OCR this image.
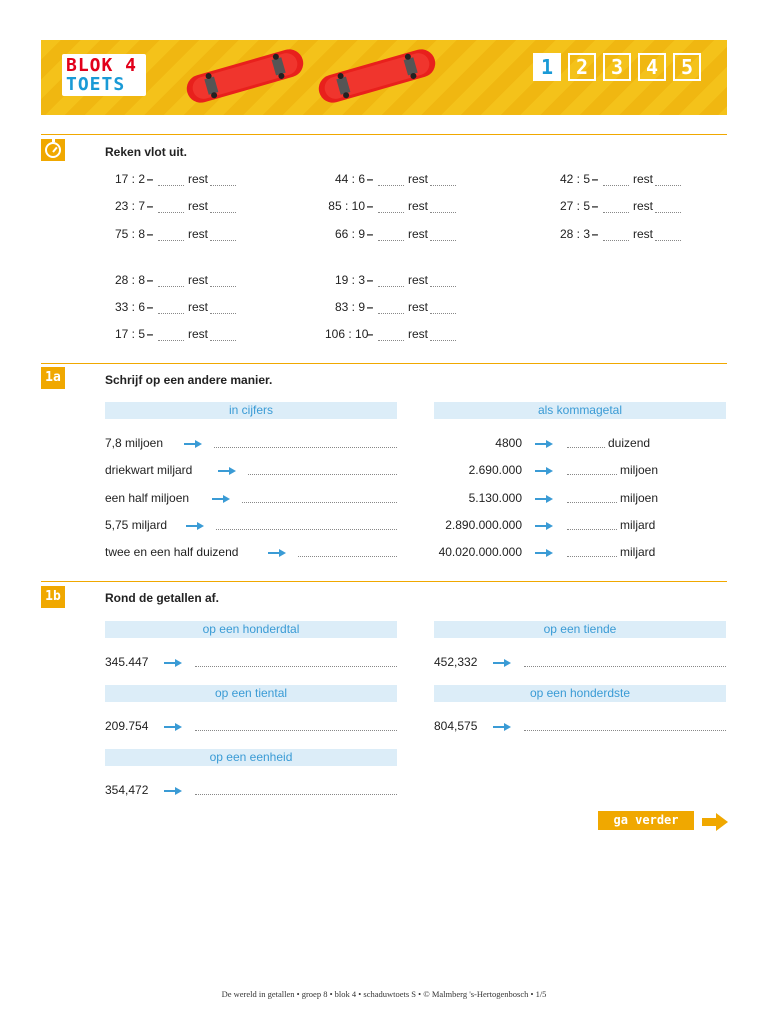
BLOK 4
TOETS
1	2	3	4	5
Reken vlot uit.
17 : 2 –	rest
23 : 7 –	rest
75 : 8 –	rest
44 : 6 –	rest
85 : 10 –	rest
66 : 9 –	rest
42 : 5 –	rest
27 : 5 –	rest
28 : 3 –	rest
28 : 8 –	rest
33 : 6 –	rest
17 : 5 –	rest
19 : 3 –	rest
83 : 9 –	rest
106 : 10–	rest
1a	Schrijf op een andere manier.
in cijfers	als kommagetal
7,8 miljoen	4800	duizend
driekwart miljard	2.690.000	miljoen
een half miljoen	5.130.000	miljoen
5,75 miljard	2.890.000.000	miljard
twee en een half duizend	40.020.000.000	miljard
1b	Rond de getallen af.
op een honderdtal
345.447
op een tiende
452,332
op een tiental
209.754
op een honderdste
804,575
op een eenheid
354,472
ga verder
De wereld in getallen • groep 8 • blok 4 • schaduwtoets S • © Malmberg 's-Hertogenbosch • 1/5
